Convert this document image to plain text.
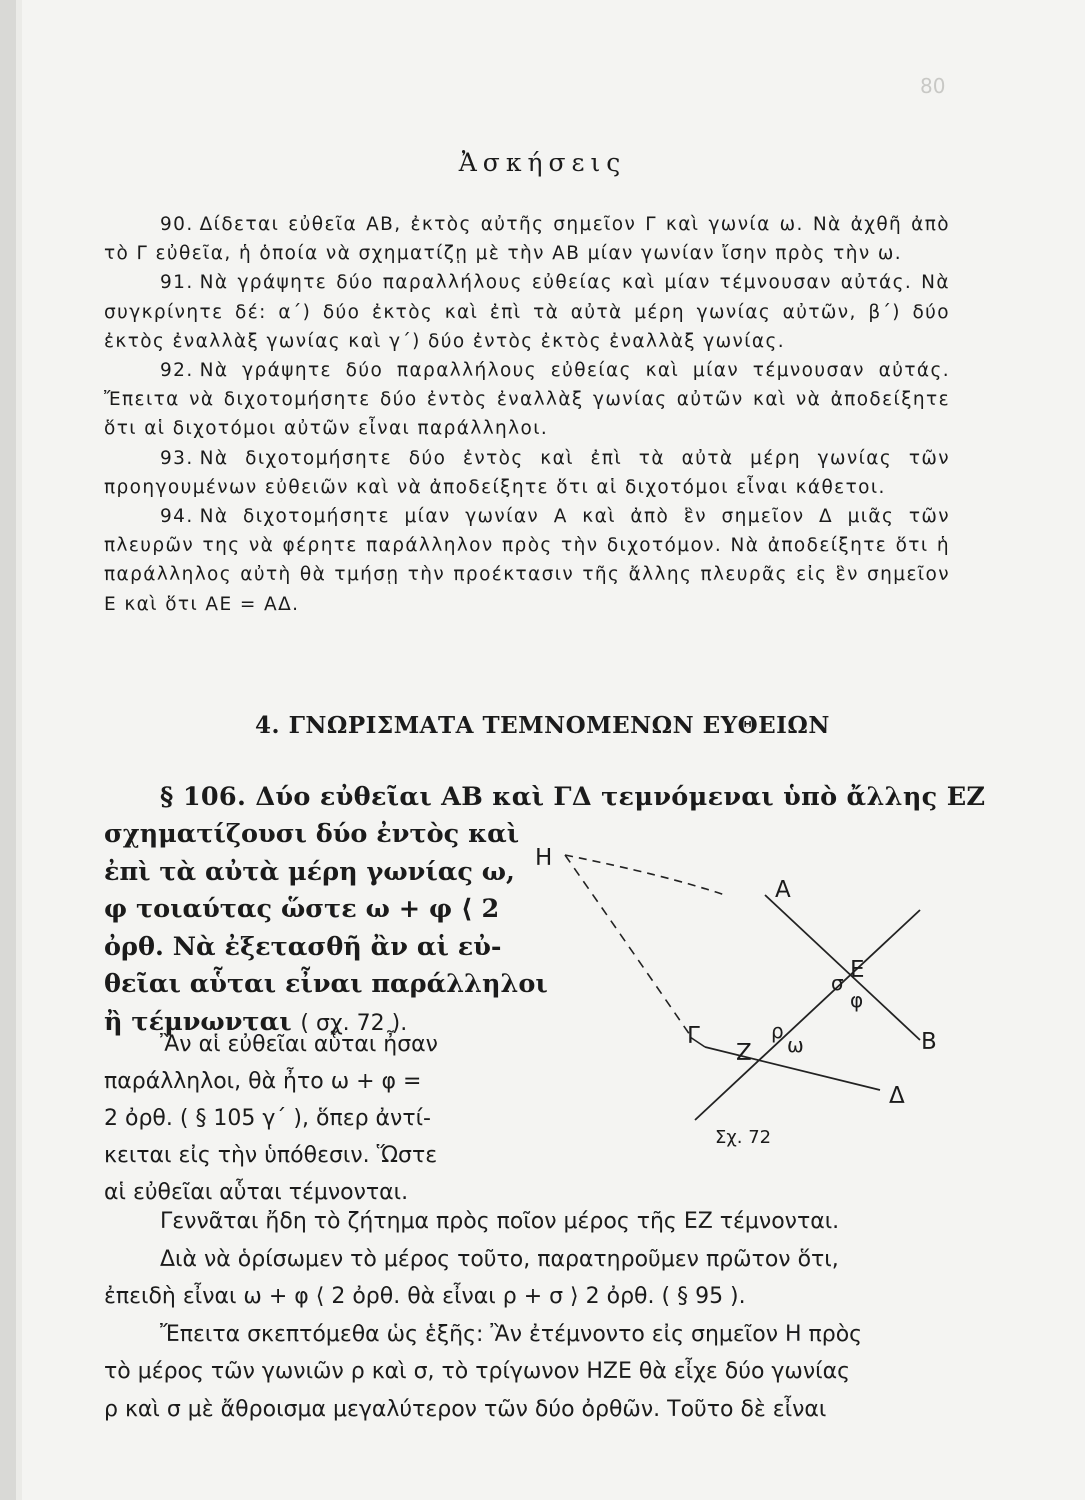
80
Ἀσκήσεις
90. Δίδεται εὐθεῖα ΑΒ, ἐκτὸς αὐτῆς σημεῖον Γ καὶ γωνία ω. Νὰ ἀχθῆ ἀπὸ τὸ Γ εὐθεῖα, ἡ ὁποία νὰ σχηματίζῃ μὲ τὴν ΑΒ μίαν γωνίαν ἴσην πρὸς τὴν ω.
91. Νὰ γράψητε δύο παραλλήλους εὐθείας καὶ μίαν τέμνουσαν αὐτάς. Νὰ συγκρίνητε δέ: α΄) δύο ἐκτὸς καὶ ἐπὶ τὰ αὐτὰ μέρη γωνίας αὐτῶν, β΄) δύο ἐκτὸς ἐναλλὰξ γωνίας καὶ γ΄) δύο ἐντὸς ἐκτὸς ἐναλλὰξ γωνίας.
92. Νὰ γράψητε δύο παραλλήλους εὐθείας καὶ μίαν τέμνουσαν αὐτάς. Ἔπειτα νὰ διχοτομήσητε δύο ἐντὸς ἐναλλὰξ γωνίας αὐτῶν καὶ νὰ ἀποδείξητε ὅτι αἱ διχοτόμοι αὐτῶν εἶναι παράλληλοι.
93. Νὰ διχοτομήσητε δύο ἐντὸς καὶ ἐπὶ τὰ αὐτὰ μέρη γωνίας τῶν προηγουμένων εὐθειῶν καὶ νὰ ἀποδείξητε ὅτι αἱ διχοτόμοι εἶναι κάθετοι.
94. Νὰ διχοτομήσητε μίαν γωνίαν Α καὶ ἀπὸ ἓν σημεῖον Δ μιᾶς τῶν πλευρῶν της νὰ φέρητε παράλληλον πρὸς τὴν διχοτόμον. Νὰ ἀποδείξητε ὅτι ἡ παράλληλος αὐτὴ θὰ τμήσῃ τὴν προέκτασιν τῆς ἄλλης πλευρᾶς εἰς ἓν σημεῖον Ε καὶ ὅτι ΑΕ = ΑΔ.
4. ΓΝΩΡΙΣΜΑΤΑ ΤΕΜΝΟΜΕΝΩΝ ΕΥΘΕΙΩΝ
§ 106. Δύο εὐθεῖαι ΑΒ καὶ ΓΔ τεμνόμεναι ὑπὸ ἄλλης ΕΖ
σχηματίζουσι δύο ἐντὸς καὶ
ἐπὶ τὰ αὐτὰ μέρη γωνίας ω,
φ τοιαύτας ὥστε ω + φ ⟨ 2
ὀρθ. Νὰ ἐξετασθῆ ἂν αἱ εὐ-
θεῖαι αὗται εἶναι παράλληλοι
ἢ τέμνωνται ( σχ. 72 ).
Ἂν αἱ εὐθεῖαι αὗται ἦσαν
παράλληλοι, θὰ ἦτο ω + φ =
2 ὀρθ. ( § 105 γ΄ ), ὅπερ ἀντί-
κειται εἰς τὴν ὑπόθεσιν. Ὥστε
αἱ εὐθεῖαι αὗται τέμνονται.
Η
Α
Ε
σ
φ
ρ
Γ
Ζ ω	Β
Δ
Σχ. 72
Γεννᾶται ἤδη τὸ ζήτημα πρὸς ποῖον μέρος τῆς ΕΖ τέμνονται.
Διὰ νὰ ὁρίσωμεν τὸ μέρος τοῦτο, παρατηροῦμεν πρῶτον ὅτι,
ἐπειδὴ εἶναι ω + φ ⟨ 2 ὀρθ. θὰ εἶναι ρ + σ ⟩ 2 ὀρθ. ( § 95 ).
Ἔπειτα σκεπτόμεθα ὡς ἑξῆς: Ἂν ἐτέμνοντο εἰς σημεῖον Η πρὸς
τὸ μέρος τῶν γωνιῶν ρ καὶ σ, τὸ τρίγωνον ΗΖΕ θὰ εἶχε δύο γωνίας
ρ καὶ σ μὲ ἄθροισμα μεγαλύτερον τῶν δύο ὀρθῶν. Τοῦτο δὲ εἶναι
